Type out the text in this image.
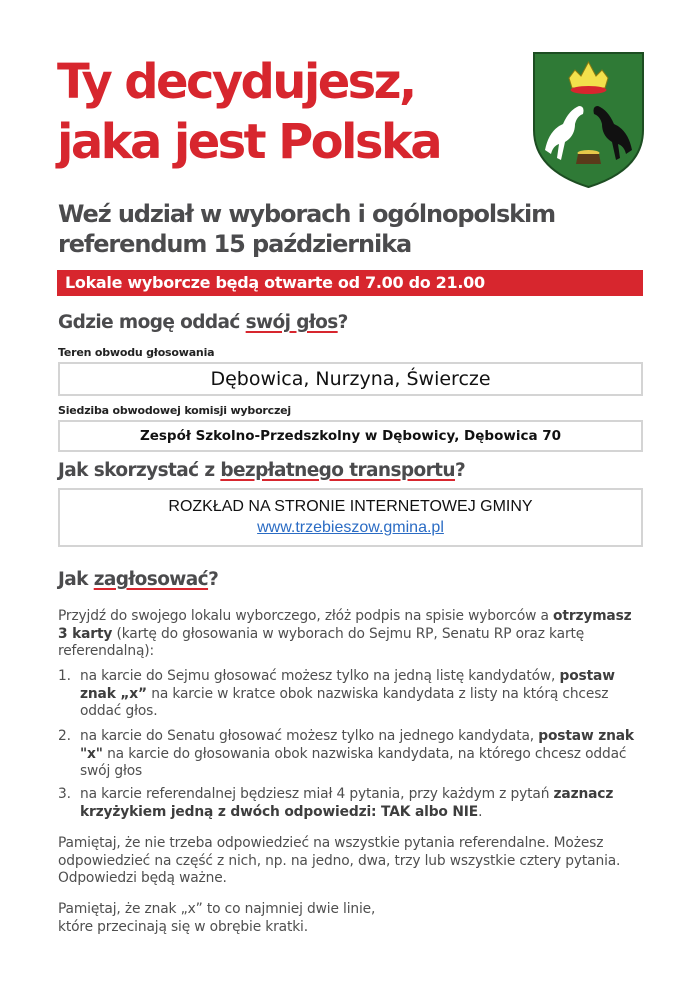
Ty decydujesz,
jaka jest Polska
Weź udział w wyborach i ogólnopolskim
referendum 15 października
Lokale wyborcze będą otwarte od 7.00 do 21.00
Gdzie mogę oddać swój głos?
Teren obwodu głosowania
Dębowica, Nurzyna, Świercze
Siedziba obwodowej komisji wyborczej
Zespół Szkolno-Przedszkolny w Dębowicy, Dębowica 70
Jak skorzystać z bezpłatnego transportu?
ROZKŁAD NA STRONIE INTERNETOWEJ GMINY
www.trzebieszow.gmina.pl
Jak zagłosować?
Przyjdź do swojego lokalu wyborczego, złóż podpis na spisie wyborców a otrzymasz 3 karty (kartę do głosowania w wyborach do Sejmu RP, Senatu RP oraz kartę referendalną):
1. na karcie do Sejmu głosować możesz tylko na jedną listę kandydatów, postaw znak „x” na karcie w kratce obok nazwiska kandydata z listy na którą chcesz oddać głos.
2. na karcie do Senatu głosować możesz tylko na jednego kandydata, postaw znak "x" na karcie do głosowania obok nazwiska kandydata, na którego chcesz oddać swój głos
3. na karcie referendalnej będziesz miał 4 pytania, przy każdym z pytań zaznacz krzyżykiem jedną z dwóch odpowiedzi: TAK albo NIE.
Pamiętaj, że nie trzeba odpowiedzieć na wszystkie pytania referendalne. Możesz odpowiedzieć na część z nich, np. na jedno, dwa, trzy lub wszystkie cztery pytania. Odpowiedzi będą ważne.
Pamiętaj, że znak „x” to co najmniej dwie linie,
które przecinają się w obrębie kratki.
